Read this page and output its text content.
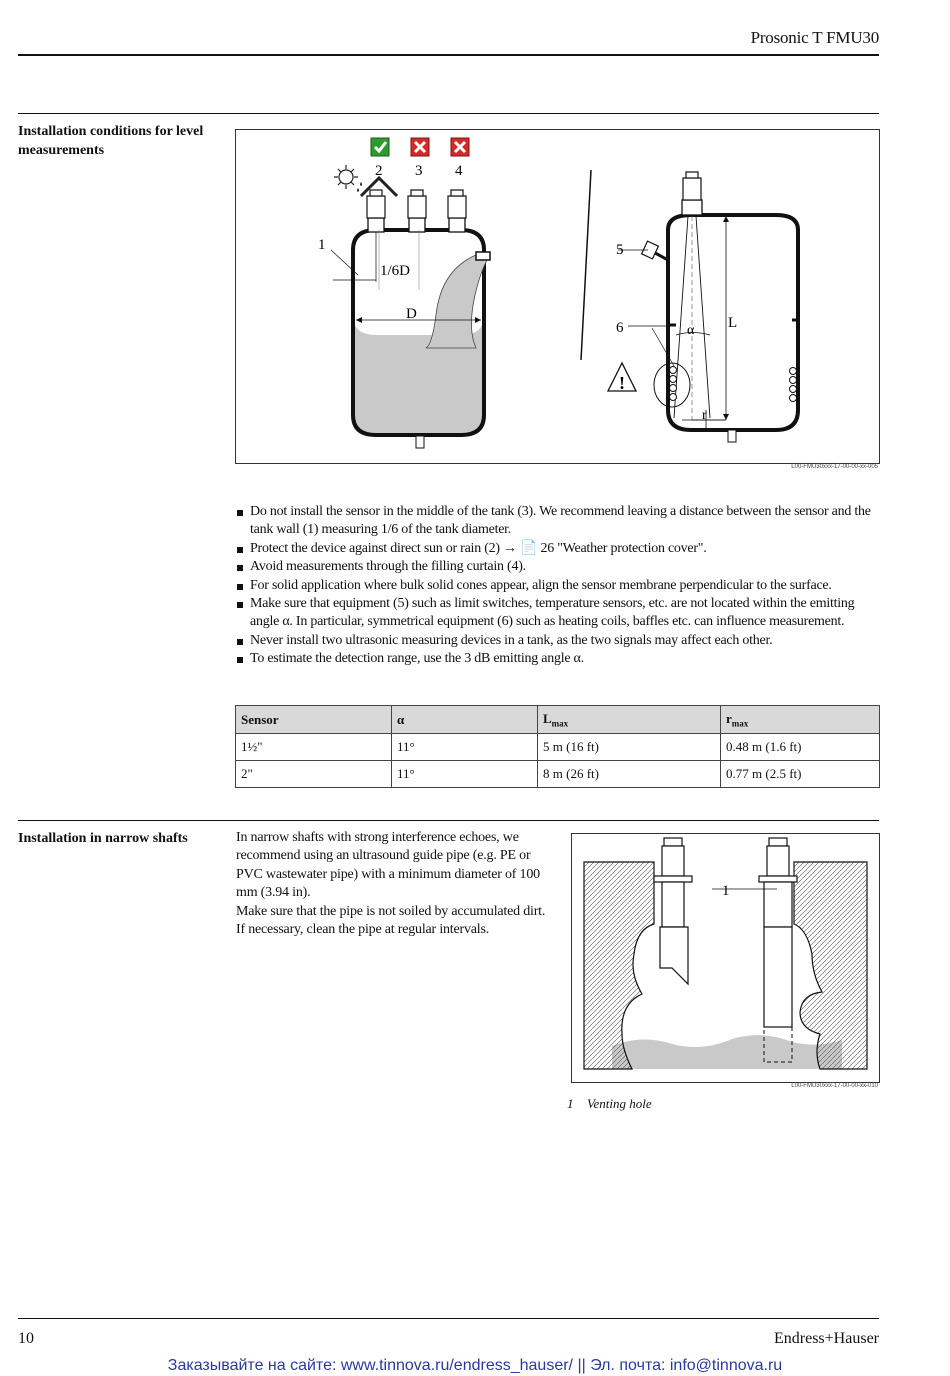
Prosonic T FMU30
Installation conditions for level measurements
2 3 4
1
1/6D
D
!
5
6	α L
r
L00-FMU30xxx-17-00-00-xx-005
Do not install the sensor in the middle of the tank (3). We recommend leaving a distance between the sensor and the tank wall (1) measuring 1/6 of the tank diameter.
Protect the device against direct sun or rain (2) → 📄 26 "Weather protection cover".
Avoid measurements through the filling curtain (4).
For solid application where bulk solid cones appear, align the sensor membrane perpendicular to the surface.
Make sure that equipment (5) such as limit switches, temperature sensors, etc. are not located within the emitting angle α. In particular, symmetrical equipment (6) such as heating coils, baffles etc. can influence measurement.
Never install two ultrasonic measuring devices in a tank, as the two signals may affect each other.
To estimate the detection range, use the 3 dB emitting angle α.
Sensor	α	$L_{max}$	$r_{max}$
1½"	11°	5 m (16 ft)	0.48 m (1.6 ft)
2"	11°	8 m (26 ft)	0.77 m (2.5 ft)
Installation in narrow shafts	In narrow shafts with strong interference echoes, we recommend using an ultrasound guide pipe (e.g. PE or PVC wastewater pipe) with a minimum diameter of 100 mm (3.94 in).
Make sure that the pipe is not soiled by accumulated dirt. If necessary, clean the pipe at regular intervals.
1
L00-FMU30xxx-17-00-00-xx-010
1 Venting hole
10	Endress+Hauser
Заказывайте на сайте: www.tinnova.ru/endress_hauser/ || Эл. почта: info@tinnova.ru
